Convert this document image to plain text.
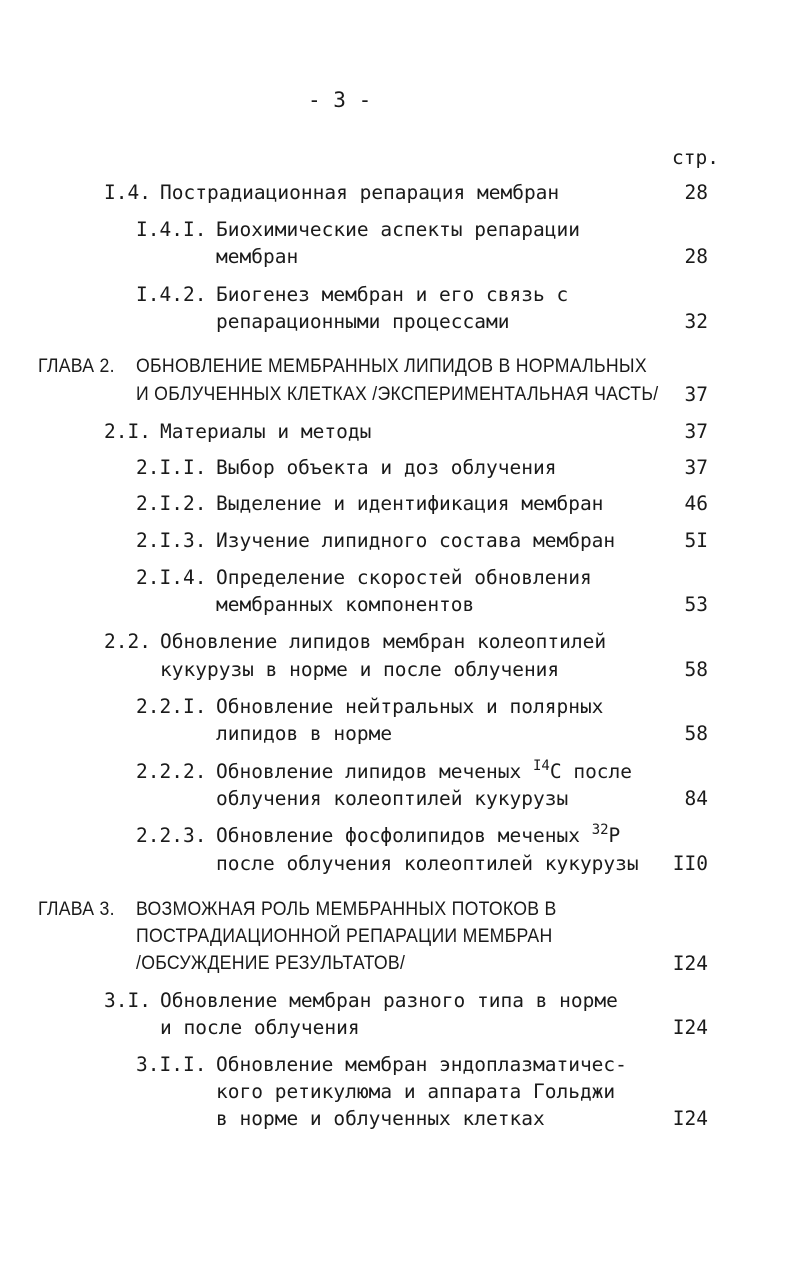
- 3 -
стр.
I.4. Пострадиационная репарация мембран	28
I.4.I. Биохимические аспекты репарации
мембран	28
I.4.2. Биогенез мембран и его связь с
репарационными процессами	32
ГЛАВА 2. ОБНОВЛЕНИЕ МЕМБРАННЫХ ЛИПИДОВ В НОРМАЛЬНЫХ
И ОБЛУЧЕННЫХ КЛЕТКАХ /ЭКСПЕРИМЕНТАЛЬНАЯ ЧАСТЬ/	37
2.I. Материалы и методы	37
2.I.I. Выбор объекта и доз облучения	37
2.I.2. Выделение и идентификация мембран	46
2.I.3. Изучение липидного состава мембран	5I
2.I.4. Определение скоростей обновления
мембранных компонентов	53
2.2. Обновление липидов мембран колеоптилей
кукурузы в норме и после облучения	58
2.2.I. Обновление нейтральных и полярных
липидов в норме	58
2.2.2. Обновление липидов меченых $^{I4}$С после
облучения колеоптилей кукурузы	84
2.2.3. Обновление фосфолипидов меченых $^{32}$Р
после облучения колеоптилей кукурузы	II0
ГЛАВА 3. ВОЗМОЖНАЯ РОЛЬ МЕМБРАННЫХ ПОТОКОВ В
ПОСТРАДИАЦИОННОЙ РЕПАРАЦИИ МЕМБРАН
/ОБСУЖДЕНИЕ РЕЗУЛЬТАТОВ/	I24
3.I. Обновление мембран разного типа в норме
и после облучения	I24
3.I.I. Обновление мембран эндоплазматичес-
кого ретикулюма и аппарата Гольджи
в норме и облученных клетках	I24
